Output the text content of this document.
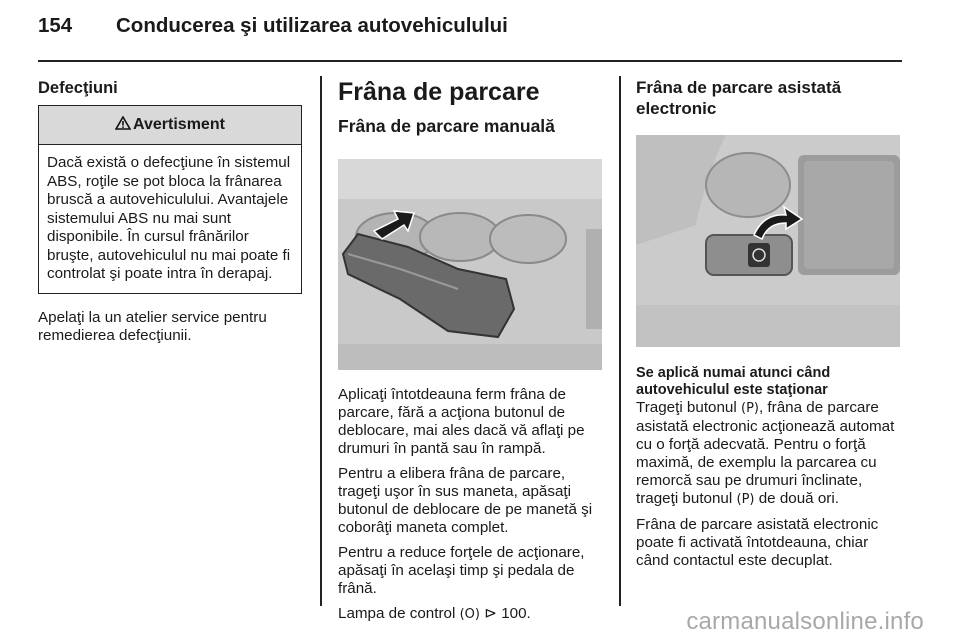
154 Conducerea şi utilizarea autovehiculului
Defecţiuni
Avertisment
Dacă există o defecţiune în sistemul ABS, roţile se pot bloca la frânarea bruscă a autovehiculului. Avantajele sistemului ABS nu mai sunt disponibile. În cursul frânărilor bruşte, autovehiculul nu mai poate fi controlat şi poate intra în derapaj.

Apelaţi la un atelier service pentru remedierea defecţiunii.

Frâna de parcare
Frâna de parcare manuală

Aplicaţi întotdeauna ferm frâna de parcare, fără a acţiona butonul de deblocare, mai ales dacă vă aflaţi pe drumuri în pantă sau în rampă.

Pentru a elibera frâna de parcare, trageţi uşor în sus maneta, apăsaţi butonul de deblocare de pe manetă şi coborâţi maneta complet.

Pentru a reduce forţele de acţionare, apăsaţi în acelaşi timp şi pedala de frână.

Lampa de control (O) ⊳ 100.

Frâna de parcare asistată electronic
Se aplică numai atunci când autovehiculul este staţionar

Trageţi butonul (P), frâna de parcare asistată electronic acţionează automat cu o forţă adecvată. Pentru o forţă maximă, de exemplu la parcarea cu remorcă sau pe drumuri înclinate, trageţi butonul (P) de două ori.

Frâna de parcare asistată electronic poate fi activată întotdeauna, chiar când contactul este decuplat.

carmanualsonline.info
